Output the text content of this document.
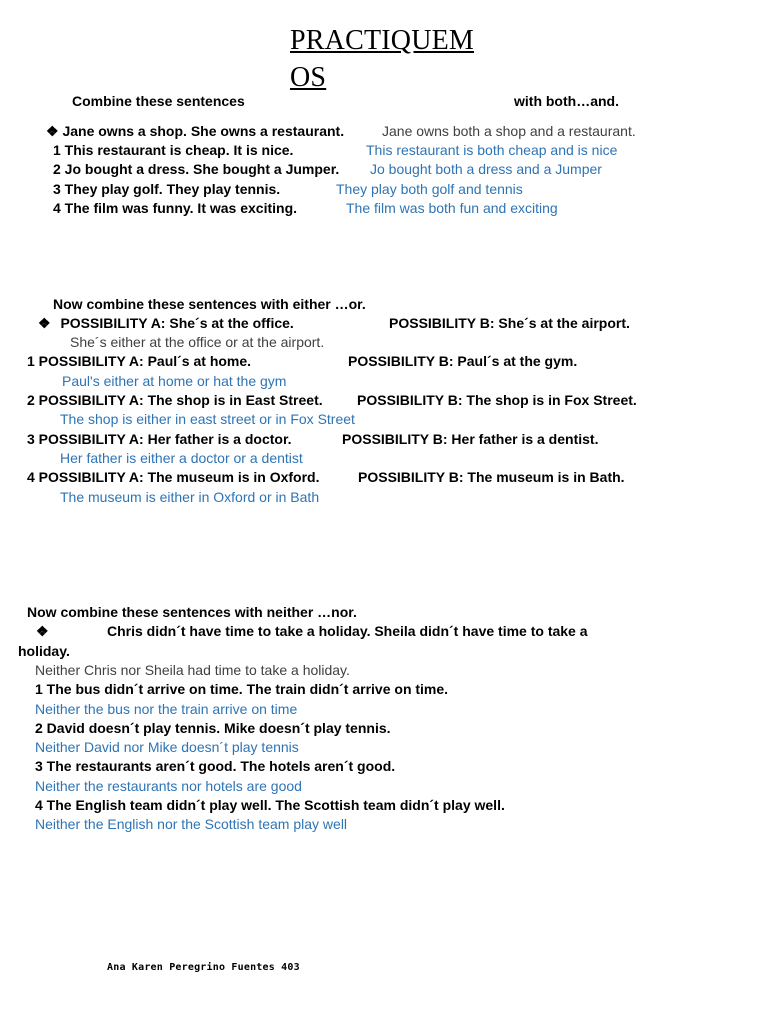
PRACTIQUEM
OS
Combine these sentences	with both…and.
❖ Jane owns a shop. She owns a restaurant.	Jane owns both a shop and a restaurant.
1 This restaurant is cheap. It is nice.	This restaurant is both cheap and is nice
2 Jo bought a dress. She bought a Jumper. Jo bought both a dress and a Jumper
3 They play golf. They play tennis.	They play both golf and tennis
4 The film was funny. It was exciting.	The film was both fun and exciting
Now combine these sentences with either …or.
❖ POSSIBILITY A: She´s at the office.	POSSIBILITY B: She´s at the airport.
She´s either at the office or at the airport.
1 POSSIBILITY A: Paul´s at home.	POSSIBILITY B: Paul´s at the gym.
Paul's either at home or hat the gym
2 POSSIBILITY A: The shop is in East Street. POSSIBILITY B: The shop is in Fox Street.
The shop is either in east street or in Fox Street
3 POSSIBILITY A: Her father is a doctor.	POSSIBILITY B: Her father is a dentist.
Her father is either a doctor or a dentist
4 POSSIBILITY A: The museum is in Oxford.	POSSIBILITY B: The museum is in Bath.
The museum is either in Oxford or in Bath
Now combine these sentences with neither …nor.
❖	Chris didn´t have time to take a holiday. Sheila didn´t have time to take a
holiday.
Neither Chris nor Sheila had time to take a holiday.
1 The bus didn´t arrive on time. The train didn´t arrive on time.
Neither the bus nor the train arrive on time
2 David doesn´t play tennis. Mike doesn´t play tennis.
Neither David nor Mike doesn´t play tennis
3 The restaurants aren´t good. The hotels aren´t good.
Neither the restaurants nor hotels are good
4 The English team didn´t play well. The Scottish team didn´t play well.
Neither the English nor the Scottish team play well
Ana Karen Peregrino Fuentes 403
